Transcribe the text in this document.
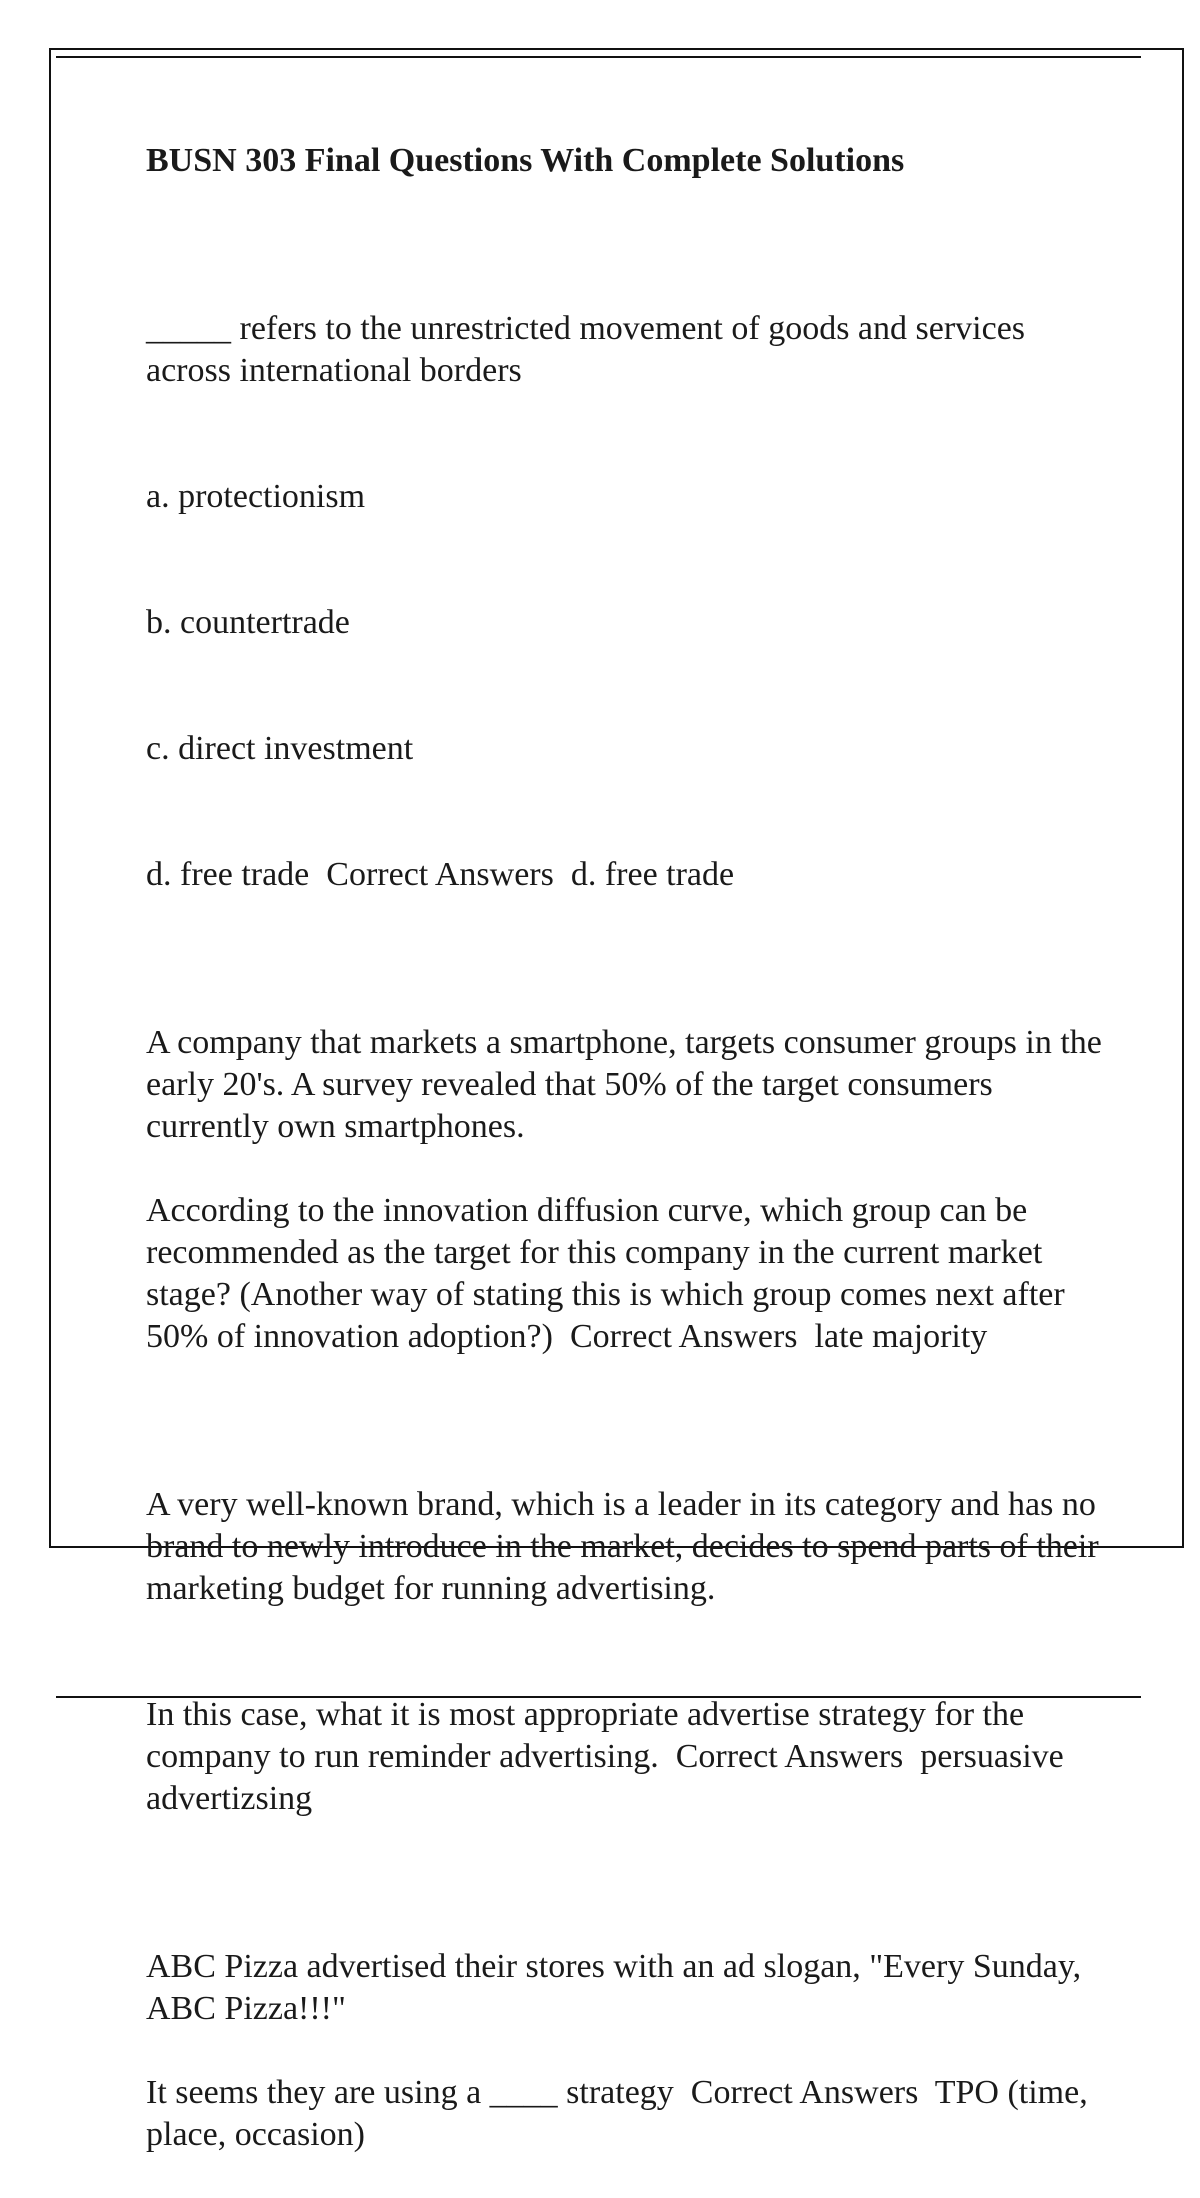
BUSN 303 Final Questions With Complete Solutions

_____ refers to the unrestricted movement of goods and services across international borders

a. protectionism

b. countertrade

c. direct investment

d. free trade  Correct Answers  d. free trade

A company that markets a smartphone, targets consumer groups in the early 20's. A survey revealed that 50% of the target consumers currently own smartphones.
According to the innovation diffusion curve, which group can be recommended as the target for this company in the current market stage? (Another way of stating this is which group comes next after 50% of innovation adoption?)  Correct Answers  late majority

A very well-known brand, which is a leader in its category and has no brand to newly introduce in the market, decides to spend parts of their marketing budget for running advertising.

In this case, what it is most appropriate advertise strategy for the company to run reminder advertising.  Correct Answers  persuasive advertizsing

ABC Pizza advertised their stores with an ad slogan, "Every Sunday, ABC Pizza!!!"
It seems they are using a ____ strategy  Correct Answers  TPO (time, place, occasion)
